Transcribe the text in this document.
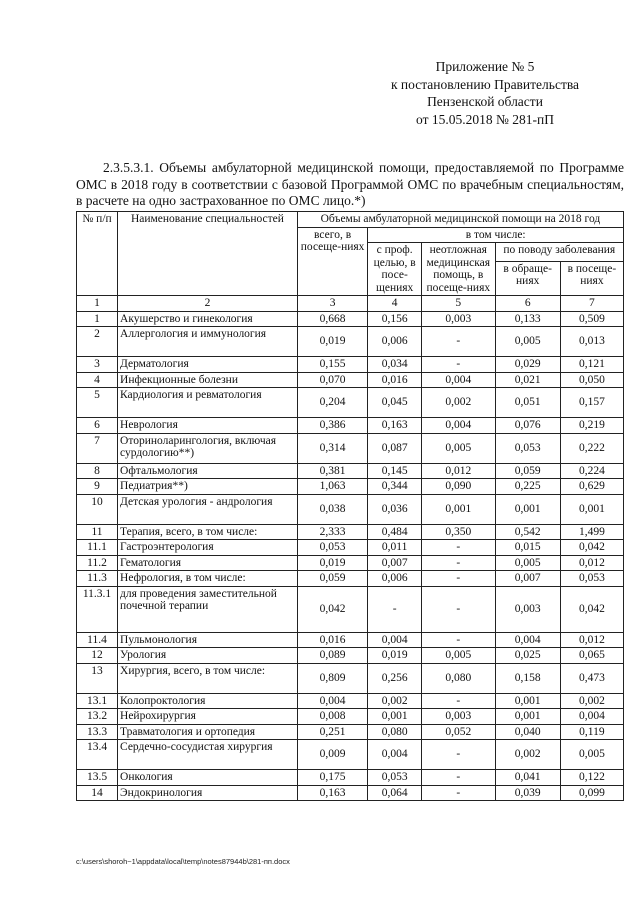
Приложение № 5
к постановлению Правительства
Пензенской области
от 15.05.2018 № 281-пП
2.3.5.3.1. Объемы амбулаторной медицинской помощи, предоставляемой по Программе ОМС в 2018 году в соответствии с базовой Программой ОМС по врачебным специальностям, в расчете на одно застрахованное по ОМС лицо.*)
№ п/п	Наименование специальностей	Объемы амбулаторной медицинской помощи на 2018 год				
		всего, в посеще-ниях	в том числе:			
			с проф. целью, в посе-щениях	неотложная медицинская помощь, в посеще-ниях	по поводу заболевания	
					в обраще-ниях	в посеще-ниях
1	2	3	4	5	6	7
1	Акушерство и гинекология	0,668	0,156	0,003	0,133	0,509
2	Аллергология и иммунология	0,019	0,006	-	0,005	0,013
3	Дерматология	0,155	0,034	-	0,029	0,121
4	Инфекционные болезни	0,070	0,016	0,004	0,021	0,050
5	Кардиология и ревматология	0,204	0,045	0,002	0,051	0,157
6	Неврология	0,386	0,163	0,004	0,076	0,219
7	Оториноларингология, включая сурдологию**)	0,314	0,087	0,005	0,053	0,222
8	Офтальмология	0,381	0,145	0,012	0,059	0,224
9	Педиатрия**)	1,063	0,344	0,090	0,225	0,629
10	Детская урология - андрология	0,038	0,036	0,001	0,001	0,001
11	Терапия, всего, в том числе:	2,333	0,484	0,350	0,542	1,499
11.1	Гастроэнтерология	0,053	0,011	-	0,015	0,042
11.2	Гематология	0,019	0,007	-	0,005	0,012
11.3	Нефрология, в том числе:	0,059	0,006	-	0,007	0,053
11.3.1	для проведения заместительной почечной терапии	0,042	-	-	0,003	0,042
11.4	Пульмонология	0,016	0,004	-	0,004	0,012
12	Урология	0,089	0,019	0,005	0,025	0,065
13	Хирургия, всего, в том числе:	0,809	0,256	0,080	0,158	0,473
13.1	Колопроктология	0,004	0,002	-	0,001	0,002
13.2	Нейрохирургия	0,008	0,001	0,003	0,001	0,004
13.3	Травматология и ортопедия	0,251	0,080	0,052	0,040	0,119
13.4	Сердечно-сосудистая хирургия	0,009	0,004	-	0,002	0,005
13.5	Онкология	0,175	0,053	-	0,041	0,122
14	Эндокринология	0,163	0,064	-	0,039	0,099
c:\users\shoroh~1\appdata\local\temp\notes87944b\281-пп.docx
